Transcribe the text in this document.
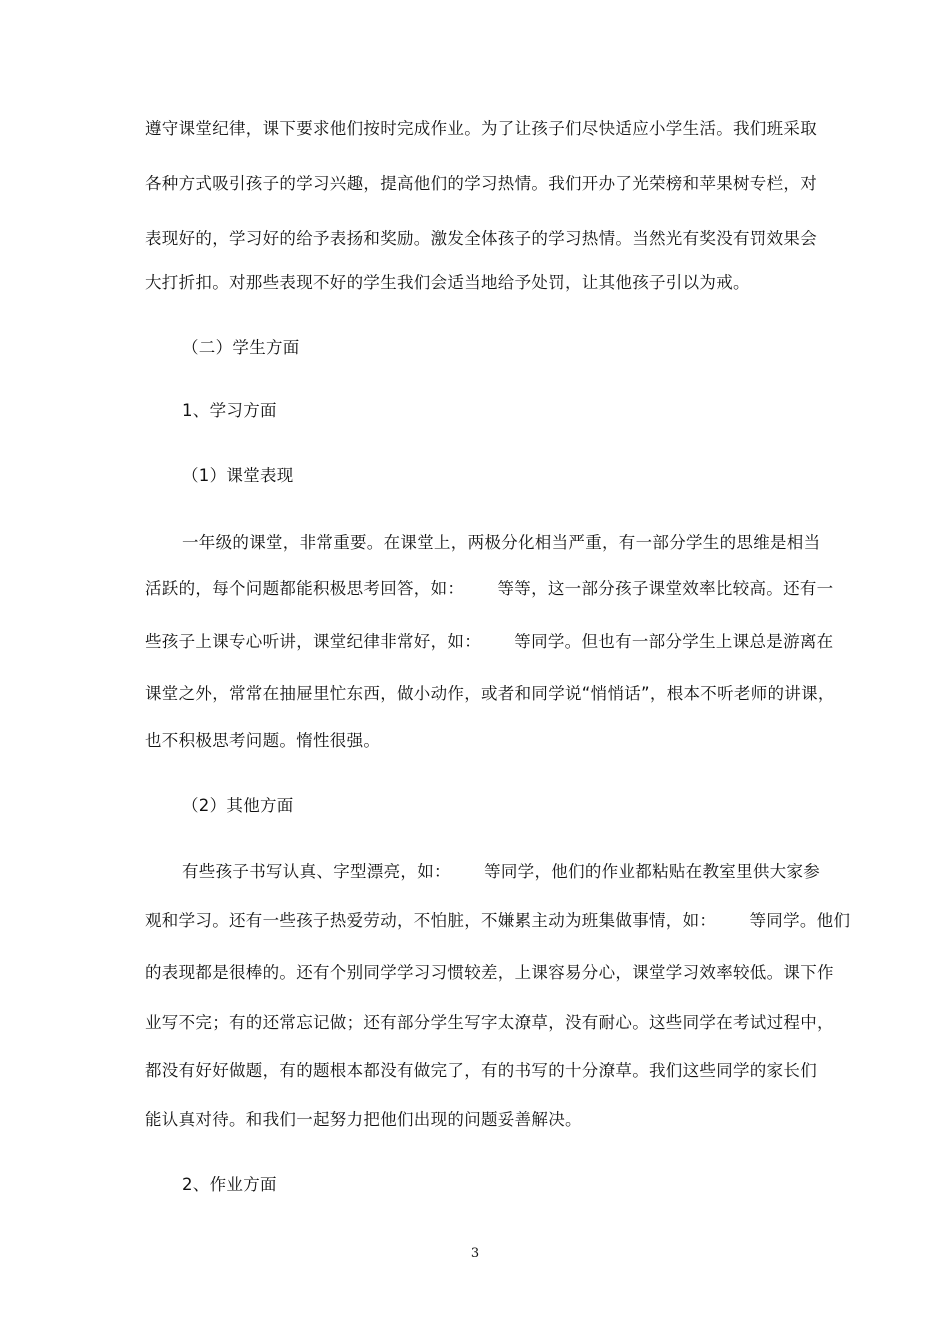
遵守课堂纪律，课下要求他们按时完成作业。为了让孩子们尽快适应小学生活。我们班采取
各种方式吸引孩子的学习兴趣，提高他们的学习热情。我们开办了光荣榜和苹果树专栏，对
表现好的，学习好的给予表扬和奖励。激发全体孩子的学习热情。当然光有奖没有罚效果会
大打折扣。对那些表现不好的学生我们会适当地给予处罚，让其他孩子引以为戒。
（二）学生方面
1、学习方面
（1）课堂表现
一年级的课堂，非常重要。在课堂上，两极分化相当严重，有一部分学生的思维是相当
活跃的，每个问题都能积极思考回答，如：      等等，这一部分孩子课堂效率比较高。还有一
些孩子上课专心听讲，课堂纪律非常好，如：      等同学。但也有一部分学生上课总是游离在
课堂之外，常常在抽屉里忙东西，做小动作，或者和同学说“悄悄话”，根本不听老师的讲课，
也不积极思考问题。惰性很强。
（2）其他方面
有些孩子书写认真、字型漂亮，如：      等同学，他们的作业都粘贴在教室里供大家参
观和学习。还有一些孩子热爱劳动，不怕脏，不嫌累主动为班集做事情，如：      等同学。他们
的表现都是很棒的。还有个别同学学习习惯较差，上课容易分心，课堂学习效率较低。课下作
业写不完；有的还常忘记做；还有部分学生写字太潦草，没有耐心。这些同学在考试过程中，
都没有好好做题，有的题根本都没有做完了，有的书写的十分潦草。我们这些同学的家长们
能认真对待。和我们一起努力把他们出现的问题妥善解决。
2、作业方面
3
